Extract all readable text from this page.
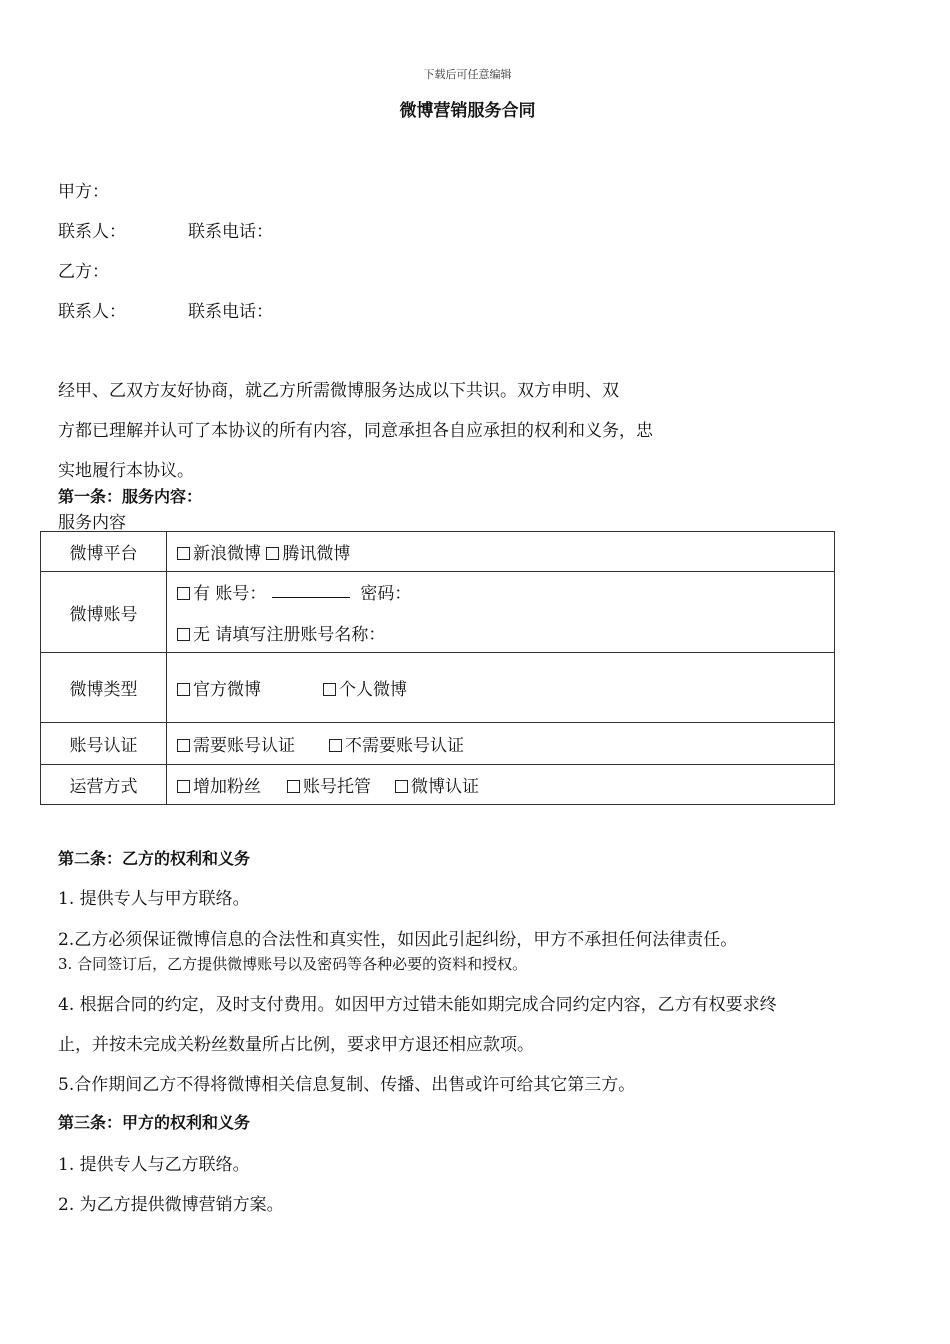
下载后可任意编辑
微博营销服务合同
甲方：
联系人：	联系电话：
乙方：
联系人：	联系电话：
经甲、乙双方友好协商，就乙方所需微博服务达成以下共识。双方申明、双
方都已理解并认可了本协议的所有内容，同意承担各自应承担的权利和义务，忠
实地履行本协议。
第一条：服务内容：
服务内容
微博平台	新浪微博 腾讯微博
微博账号	有 账号： 密码：
无 请填写注册账号名称：

微博类型	官方微博 个人微博
账号认证	需要账号认证 不需要账号认证
运营方式	增加粉丝 账号托管 微博认证
第二条：乙方的权利和义务
1. 提供专人与甲方联络。
2.乙方必须保证微博信息的合法性和真实性，如因此引起纠纷，甲方不承担任何法律责任。
3. 合同签订后，乙方提供微博账号以及密码等各种必要的资料和授权。
4. 根据合同的约定，及时支付费用。如因甲方过错未能如期完成合同约定内容，乙方有权要求终
止，并按未完成关粉丝数量所占比例，要求甲方退还相应款项。
5.合作期间乙方不得将微博相关信息复制、传播、出售或许可给其它第三方。
第三条：甲方的权利和义务
1. 提供专人与乙方联络。
2. 为乙方提供微博营销方案。
